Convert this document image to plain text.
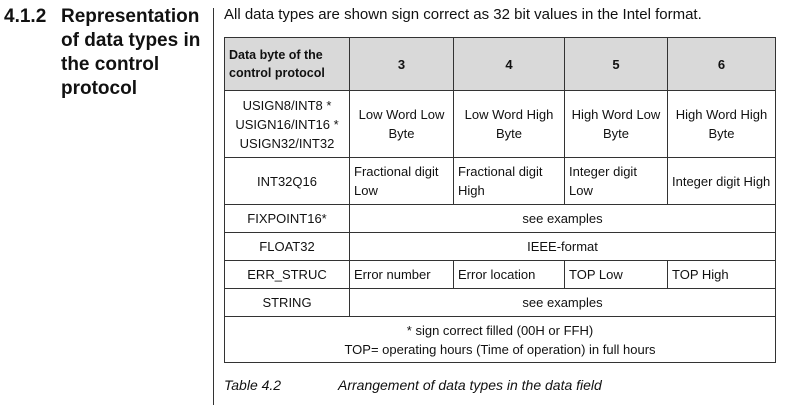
4.1.2 Representation of data types in the control protocol
All data types are shown sign correct as 32 bit values in the Intel format.
Data byte of the control protocol	3	4	5	6
USIGN8/INT8 * USIGN16/INT16 * USIGN32/INT32	Low Word Low Byte	Low Word High Byte	High Word Low Byte	High Word High Byte
INT32Q16	Fractional digit Low	Fractional digit High	Integer digit Low	Integer digit High
FIXPOINT16*	see examples			
FLOAT32	IEEE-format			
ERR_STRUC	Error number	Error location	TOP Low	TOP High
STRING	see examples			

* sign correct filled (00H or FFH)
TOP= operating hours (Time of operation) in full hours				
Table 4.2	Arrangement of data types in the data field
